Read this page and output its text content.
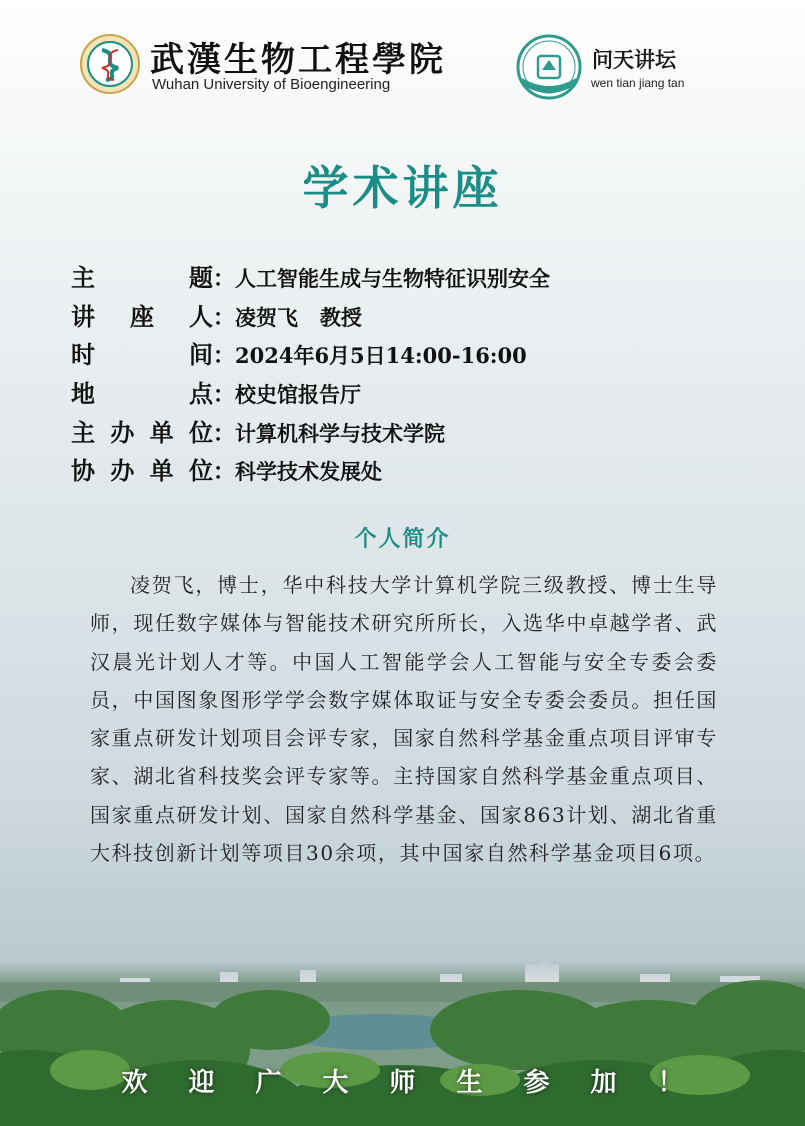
武漢生物工程學院
Wuhan University of Bioengineering
问天讲坛
wen tian jiang tan
学术讲座
主	题 ： 人工智能生成与生物特征识别安全
讲 座 人 ： 凌贺飞   教授
时	间 ： 2024年6月5日14:00-16:00
地	点 ： 校史馆报告厅
主 办 单 位 ： 计算机科学与技术学院
协 办 单 位 ： 科学技术发展处
个人简介
凌贺飞，博士，华中科技大学计算机学院三级教授、博士生导师，现任数字媒体与智能技术研究所所长，入选华中卓越学者、武汉晨光计划人才等。中国人工智能学会人工智能与安全专委会委员，中国图象图形学学会数字媒体取证与安全专委会委员。担任国家重点研发计划项目会评专家，国家自然科学基金重点项目评审专家、湖北省科技奖会评专家等。主持国家自然科学基金重点项目、国家重点研发计划、国家自然科学基金、国家863计划、湖北省重大科技创新计划等项目30余项，其中国家自然科学基金项目6项。
欢	迎	广	大	师	生	参	加	！
